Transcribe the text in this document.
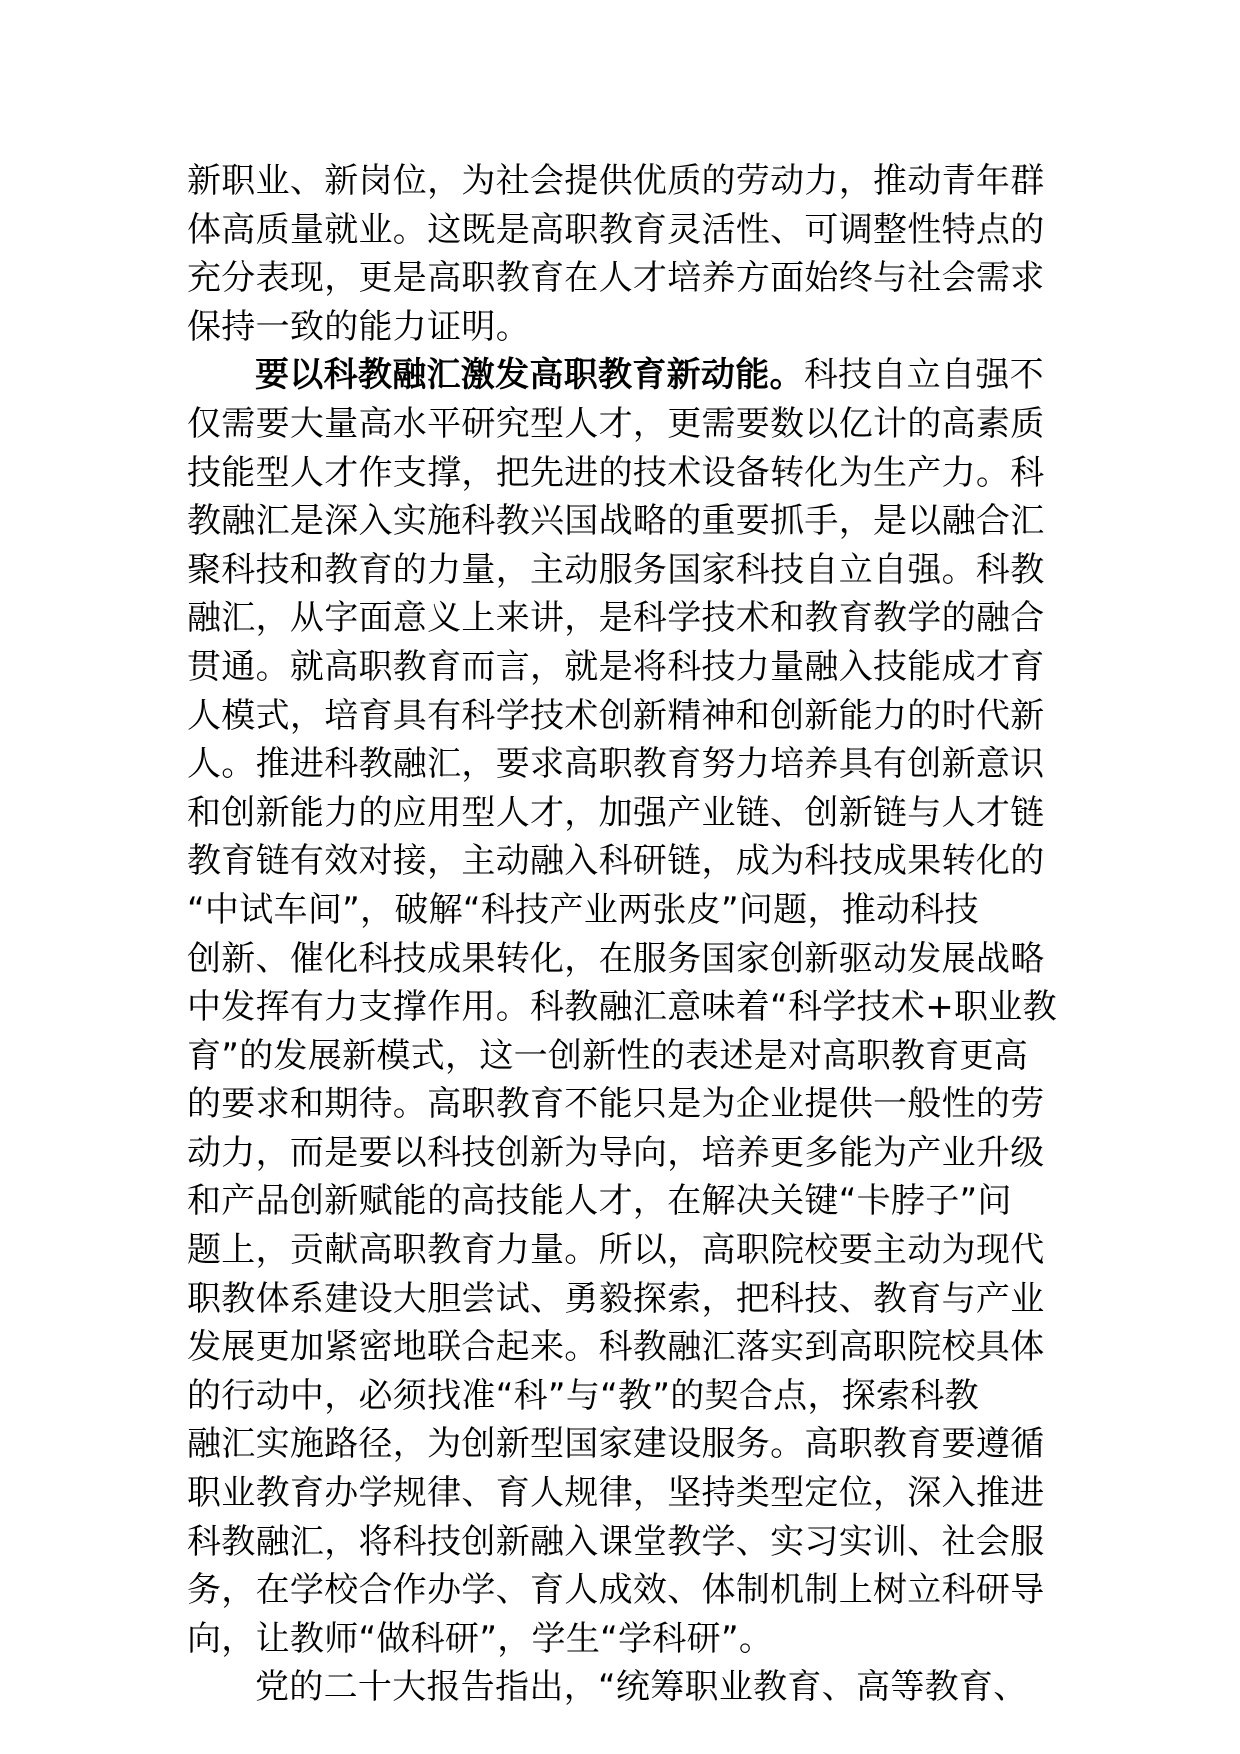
新职业、新岗位，为社会提供优质的劳动力，推动青年群
体高质量就业。这既是高职教育灵活性、可调整性特点的
充分表现，更是高职教育在人才培养方面始终与社会需求
保持一致的能力证明。
要以科教融汇激发高职教育新动能。科技自立自强不
仅需要大量高水平研究型人才，更需要数以亿计的高素质
技能型人才作支撑，把先进的技术设备转化为生产力。科
教融汇是深入实施科教兴国战略的重要抓手，是以融合汇
聚科技和教育的力量，主动服务国家科技自立自强。科教
融汇，从字面意义上来讲，是科学技术和教育教学的融合
贯通。就高职教育而言，就是将科技力量融入技能成才育
人模式，培育具有科学技术创新精神和创新能力的时代新
人。推进科教融汇，要求高职教育努力培养具有创新意识
和创新能力的应用型人才，加强产业链、创新链与人才链
教育链有效对接，主动融入科研链，成为科技成果转化的
“中试车间”，破解“科技产业两张皮”问题，推动科技
创新、催化科技成果转化，在服务国家创新驱动发展战略
中发挥有力支撑作用。科教融汇意味着“科学技术+职业教
育”的发展新模式，这一创新性的表述是对高职教育更高
的要求和期待。高职教育不能只是为企业提供一般性的劳
动力，而是要以科技创新为导向，培养更多能为产业升级
和产品创新赋能的高技能人才，在解决关键“卡脖子”问
题上，贡献高职教育力量。所以，高职院校要主动为现代
职教体系建设大胆尝试、勇毅探索，把科技、教育与产业
发展更加紧密地联合起来。科教融汇落实到高职院校具体
的行动中，必须找准“科”与“教”的契合点，探索科教
融汇实施路径，为创新型国家建设服务。高职教育要遵循
职业教育办学规律、育人规律，坚持类型定位，深入推进
科教融汇，将科技创新融入课堂教学、实习实训、社会服
务，在学校合作办学、育人成效、体制机制上树立科研导
向，让教师“做科研”，学生“学科研”。
党的二十大报告指出，“统筹职业教育、高等教育、
